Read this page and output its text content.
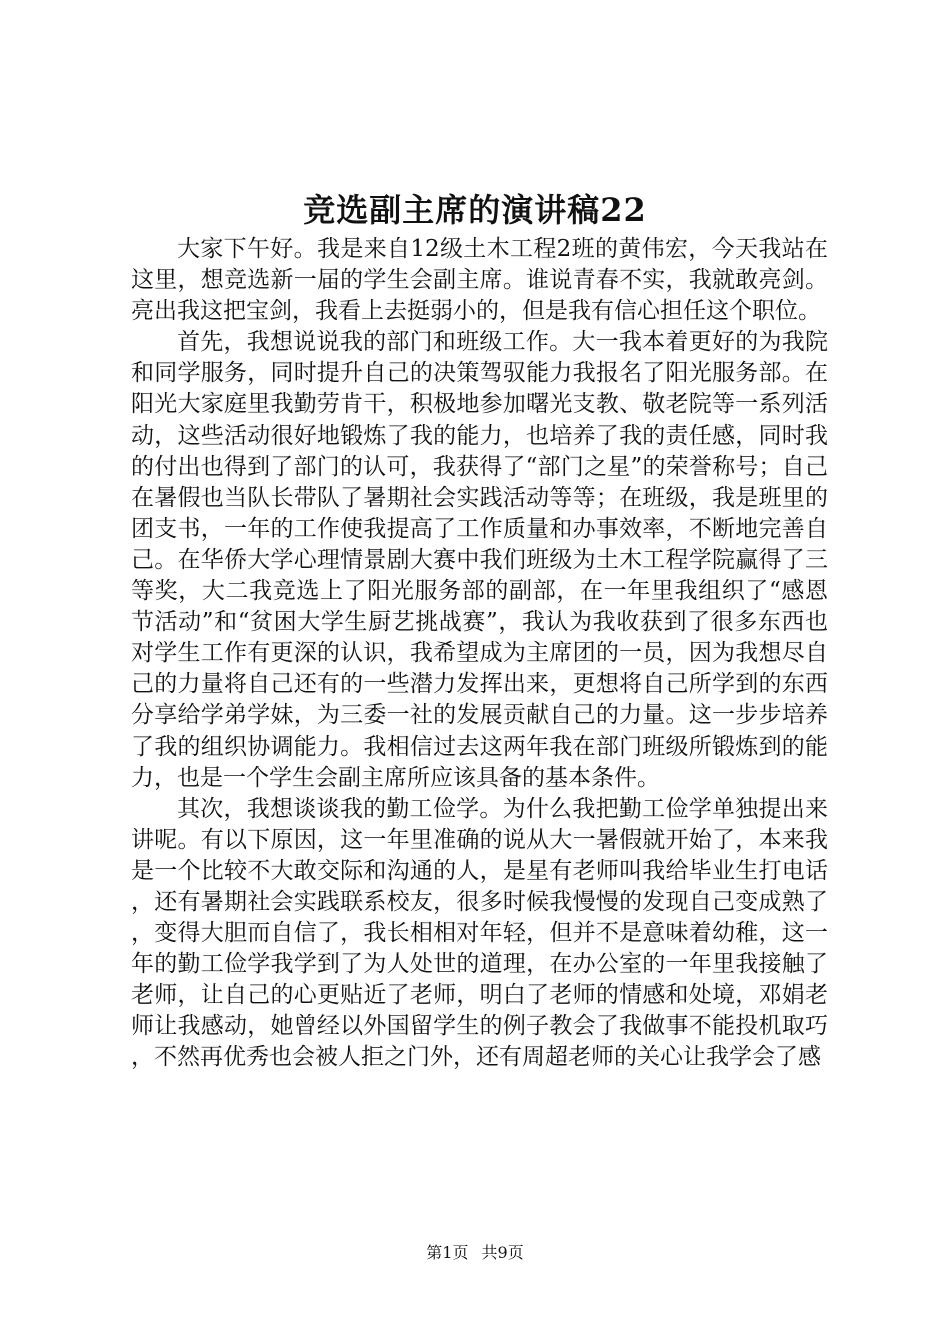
竞选副主席的演讲稿22

大家下午好。我是来自12级土木工程2班的黄伟宏，今天我站在这里，想竞选新一届的学生会副主席。谁说青春不实，我就敢亮剑。亮出我这把宝剑，我看上去挺弱小的，但是我有信心担任这个职位。

首先，我想说说我的部门和班级工作。大一我本着更好的为我院和同学服务，同时提升自己的决策驾驭能力我报名了阳光服务部。在阳光大家庭里我勤劳肯干，积极地参加曙光支教、敬老院等一系列活动，这些活动很好地锻炼了我的能力，也培养了我的责任感，同时我的付出也得到了部门的认可，我获得了“部门之星”的荣誉称号；自己在暑假也当队长带队了暑期社会实践活动等等；在班级，我是班里的团支书，一年的工作使我提高了工作质量和办事效率，不断地完善自己。在华侨大学心理情景剧大赛中我们班级为土木工程学院赢得了三等奖，大二我竞选上了阳光服务部的副部，在一年里我组织了“感恩节活动”和“贫困大学生厨艺挑战赛”，我认为我收获到了很多东西也对学生工作有更深的认识，我希望成为主席团的一员，因为我想尽自己的力量将自己还有的一些潜力发挥出来，更想将自己所学到的东西分享给学弟学妹，为三委一社的发展贡献自己的力量。这一步步培养了我的组织协调能力。我相信过去这两年我在部门班级所锻炼到的能力，也是一个学生会副主席所应该具备的基本条件。

其次，我想谈谈我的勤工俭学。为什么我把勤工俭学单独提出来讲呢。有以下原因，这一年里准确的说从大一暑假就开始了，本来我是一个比较不大敢交际和沟通的人，是星有老师叫我给毕业生打电话，还有暑期社会实践联系校友，很多时候我慢慢的发现自己变成熟了，变得大胆而自信了，我长相相对年轻，但并不是意味着幼稚，这一年的勤工俭学我学到了为人处世的道理，在办公室的一年里我接触了老师，让自己的心更贴近了老师，明白了老师的情感和处境，邓娟老师让我感动，她曾经以外国留学生的例子教会了我做事不能投机取巧，不然再优秀也会被人拒之门外，还有周超老师的关心让我学会了感

第1页 共9页
